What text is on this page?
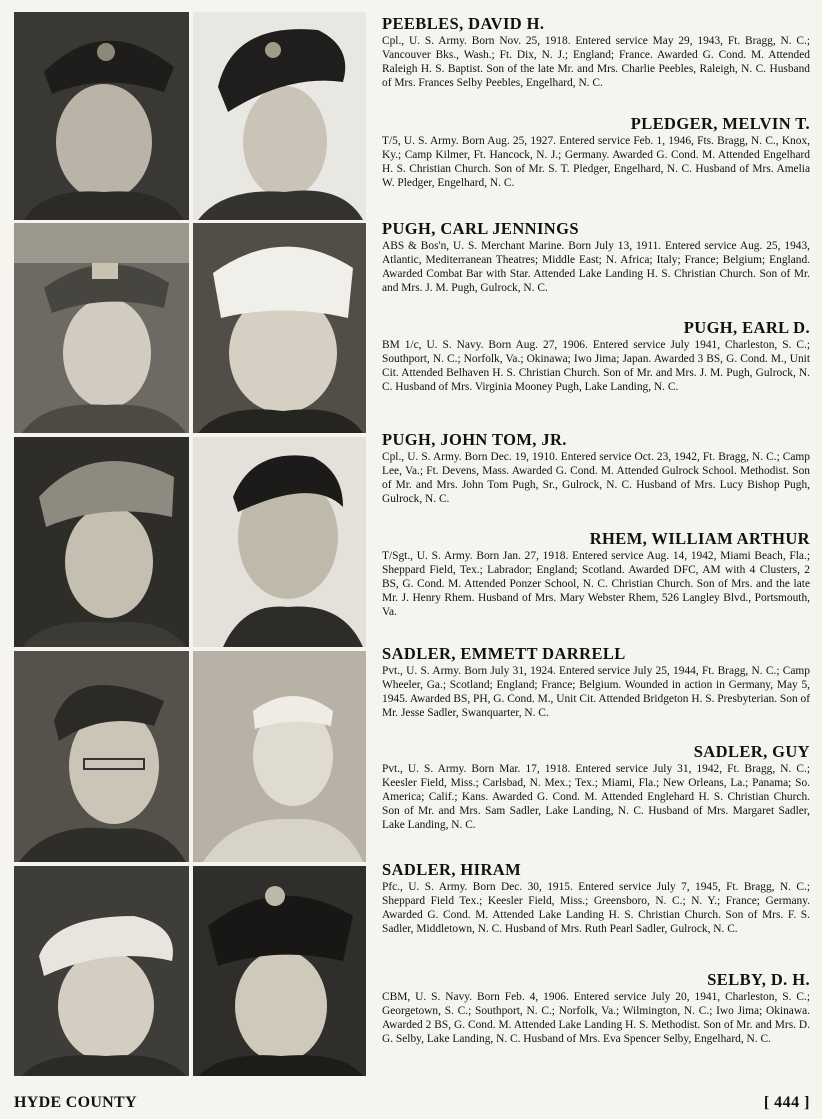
PEEBLES, DAVID H.
Cpl., U. S. Army. Born Nov. 25, 1918. Entered service May 29, 1943, Ft. Bragg, N. C.; Vancouver Bks., Wash.; Ft. Dix, N. J.; England; France. Awarded G. Cond. M. Attended Raleigh H. S. Baptist. Son of the late Mr. and Mrs. Charlie Peebles, Raleigh, N. C. Husband of Mrs. Frances Selby Peebles, Engelhard, N. C.
PLEDGER, MELVIN T.
T/5, U. S. Army. Born Aug. 25, 1927. Entered service Feb. 1, 1946, Fts. Bragg, N. C., Knox, Ky.; Camp Kilmer, Ft. Hancock, N. J.; Germany. Awarded G. Cond. M. Attended Engelhard H. S. Christian Church. Son of Mr. S. T. Pledger, Engelhard, N. C. Husband of Mrs. Amelia W. Pledger, Engelhard, N. C.
PUGH, CARL JENNINGS
ABS & Bos'n, U. S. Merchant Marine. Born July 13, 1911. Entered service Aug. 25, 1943, Atlantic, Mediterranean Theatres; Middle East; N. Africa; Italy; France; Belgium; England. Awarded Combat Bar with Star. Attended Lake Landing H. S. Christian Church. Son of Mr. and Mrs. J. M. Pugh, Gulrock, N. C.
PUGH, EARL D.
BM 1/c, U. S. Navy. Born Aug. 27, 1906. Entered service July 1941, Charleston, S. C.; Southport, N. C.; Norfolk, Va.; Okinawa; Iwo Jima; Japan. Awarded 3 BS, G. Cond. M., Unit Cit. Attended Belhaven H. S. Christian Church. Son of Mr. and Mrs. J. M. Pugh, Gulrock, N. C. Husband of Mrs. Virginia Mooney Pugh, Lake Landing, N. C.
PUGH, JOHN TOM, JR.
Cpl., U. S. Army. Born Dec. 19, 1910. Entered service Oct. 23, 1942, Ft. Bragg, N. C.; Camp Lee, Va.; Ft. Devens, Mass. Awarded G. Cond. M. Attended Gulrock School. Methodist. Son of Mr. and Mrs. John Tom Pugh, Sr., Gulrock, N. C. Husband of Mrs. Lucy Bishop Pugh, Gulrock, N. C.
RHEM, WILLIAM ARTHUR
T/Sgt., U. S. Army. Born Jan. 27, 1918. Entered service Aug. 14, 1942, Miami Beach, Fla.; Sheppard Field, Tex.; Labrador; England; Scotland. Awarded DFC, AM with 4 Clusters, 2 BS, G. Cond. M. Attended Ponzer School, N. C. Christian Church. Son of Mrs. and the late Mr. J. Henry Rhem. Husband of Mrs. Mary Webster Rhem, 526 Langley Blvd., Portsmouth, Va.
SADLER, EMMETT DARRELL
Pvt., U. S. Army. Born July 31, 1924. Entered service July 25, 1944, Ft. Bragg, N. C.; Camp Wheeler, Ga.; Scotland; England; France; Belgium. Wounded in action in Germany, May 5, 1945. Awarded BS, PH, G. Cond. M., Unit Cit. Attended Bridgeton H. S. Presbyterian. Son of Mr. Jesse Sadler, Swanquarter, N. C.
SADLER, GUY
Pvt., U. S. Army. Born Mar. 17, 1918. Entered service July 31, 1942, Ft. Bragg, N. C.; Keesler Field, Miss.; Carlsbad, N. Mex.; Tex.; Miami, Fla.; New Orleans, La.; Panama; So. America; Calif.; Kans. Awarded G. Cond. M. Attended Englehard H. S. Christian Church. Son of Mr. and Mrs. Sam Sadler, Lake Landing, N. C. Husband of Mrs. Margaret Sadler, Lake Landing, N. C.
SADLER, HIRAM
Pfc., U. S. Army. Born Dec. 30, 1915. Entered service July 7, 1945, Ft. Bragg, N. C.; Sheppard Field Tex.; Keesler Field, Miss.; Greensboro, N. C.; N. Y.; France; Germany. Awarded G. Cond. M. Attended Lake Landing H. S. Christian Church. Son of Mrs. F. S. Sadler, Middletown, N. C. Husband of Mrs. Ruth Pearl Sadler, Gulrock, N. C.
SELBY, D. H.
CBM, U. S. Navy. Born Feb. 4, 1906. Entered service July 20, 1941, Charleston, S. C.; Georgetown, S. C.; Southport, N. C.; Norfolk, Va.; Wilmington, N. C.; Iwo Jima; Okinawa. Awarded 2 BS, G. Cond. M. Attended Lake Landing H. S. Methodist. Son of Mr. and Mrs. D. G. Selby, Lake Landing, N. C. Husband of Mrs. Eva Spencer Selby, Engelhard, N. C.
HYDE COUNTY	[ 444 ]
